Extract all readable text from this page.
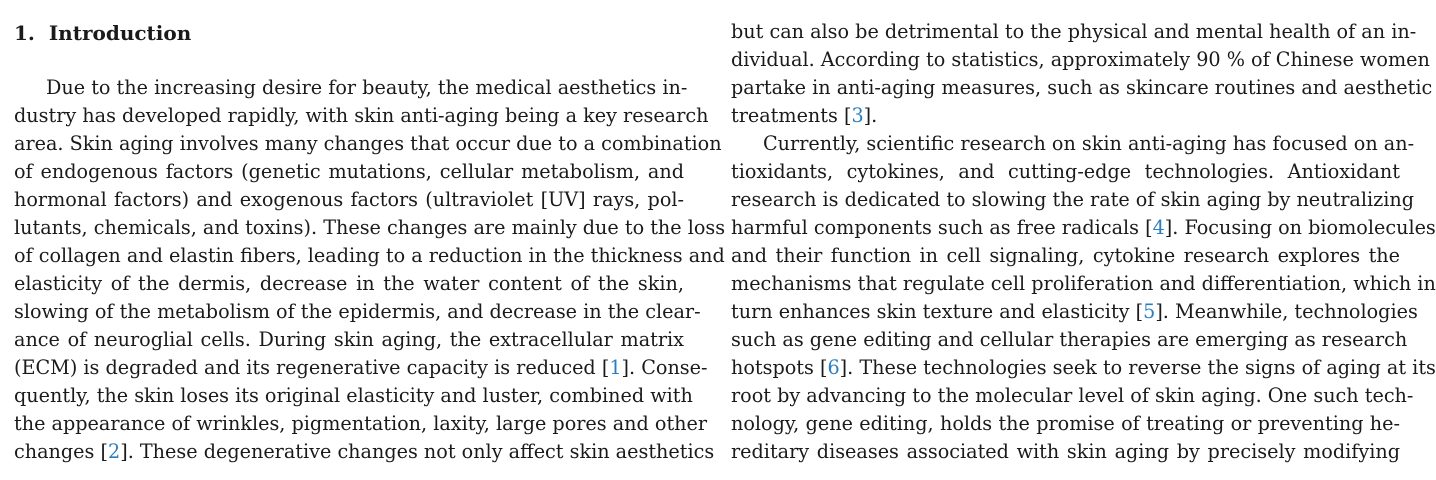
1. Introduction
Due to the increasing desire for beauty, the medical aesthetics in-
dustry has developed rapidly, with skin anti-aging being a key research
area. Skin aging involves many changes that occur due to a combination
of endogenous factors (genetic mutations, cellular metabolism, and
hormonal factors) and exogenous factors (ultraviolet [UV] rays, pol-
lutants, chemicals, and toxins). These changes are mainly due to the loss
of collagen and elastin fibers, leading to a reduction in the thickness and
elasticity of the dermis, decrease in the water content of the skin,
slowing of the metabolism of the epidermis, and decrease in the clear-
ance of neuroglial cells. During skin aging, the extracellular matrix
(ECM) is degraded and its regenerative capacity is reduced [1]. Conse-
quently, the skin loses its original elasticity and luster, combined with
the appearance of wrinkles, pigmentation, laxity, large pores and other
changes [2]. These degenerative changes not only affect skin aesthetics
but can also be detrimental to the physical and mental health of an in-
dividual. According to statistics, approximately 90 % of Chinese women
partake in anti-aging measures, such as skincare routines and aesthetic
treatments [3].
Currently, scientific research on skin anti-aging has focused on an-
tioxidants, cytokines, and cutting-edge technologies. Antioxidant
research is dedicated to slowing the rate of skin aging by neutralizing
harmful components such as free radicals [4]. Focusing on biomolecules
and their function in cell signaling, cytokine research explores the
mechanisms that regulate cell proliferation and differentiation, which in
turn enhances skin texture and elasticity [5]. Meanwhile, technologies
such as gene editing and cellular therapies are emerging as research
hotspots [6]. These technologies seek to reverse the signs of aging at its
root by advancing to the molecular level of skin aging. One such tech-
nology, gene editing, holds the promise of treating or preventing he-
reditary diseases associated with skin aging by precisely modifying
